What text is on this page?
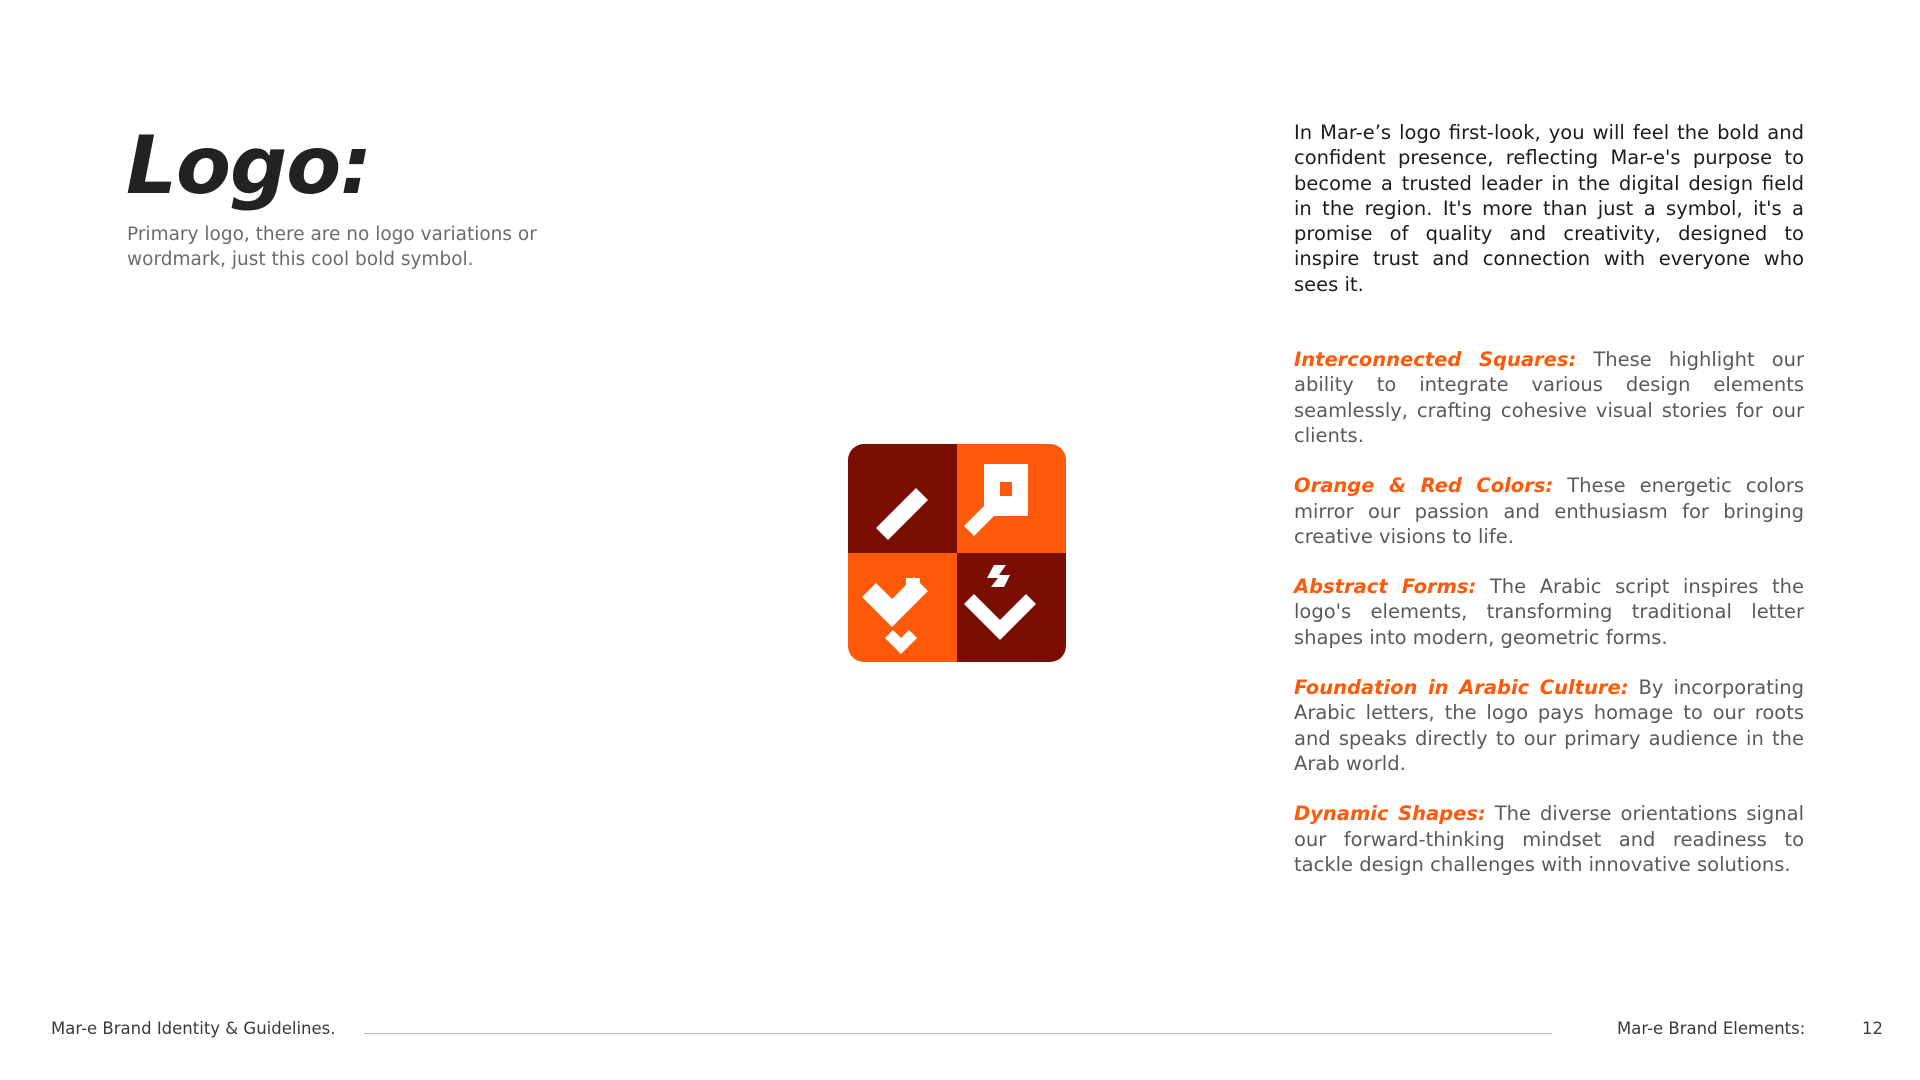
Logo:

Primary logo, there are no logo variations or wordmark, just this cool bold symbol.

In Mar-e’s logo first-look, you will feel the bold and confident presence, reflecting Mar-e's purpose to become a trusted leader in the digital design field in the region. It's more than just a symbol, it's a promise of quality and creativity, designed to inspire trust and connection with everyone who sees it.

Interconnected Squares: These highlight our ability to integrate various design elements seamlessly, crafting cohesive visual stories for our clients.

Orange & Red Colors: These energetic colors mirror our passion and enthusiasm for bringing creative visions to life.

Abstract Forms: The Arabic script inspires the logo's elements, transforming traditional letter shapes into modern, geometric forms.

Foundation in Arabic Culture: By incorporating Arabic letters, the logo pays homage to our roots and speaks directly to our primary audience in the Arab world.

Dynamic Shapes: The diverse orientations signal our forward-thinking mindset and readiness to tackle design challenges with innovative solutions.

Mar-e Brand Identity & Guidelines.	Mar-e Brand Elements:	12
